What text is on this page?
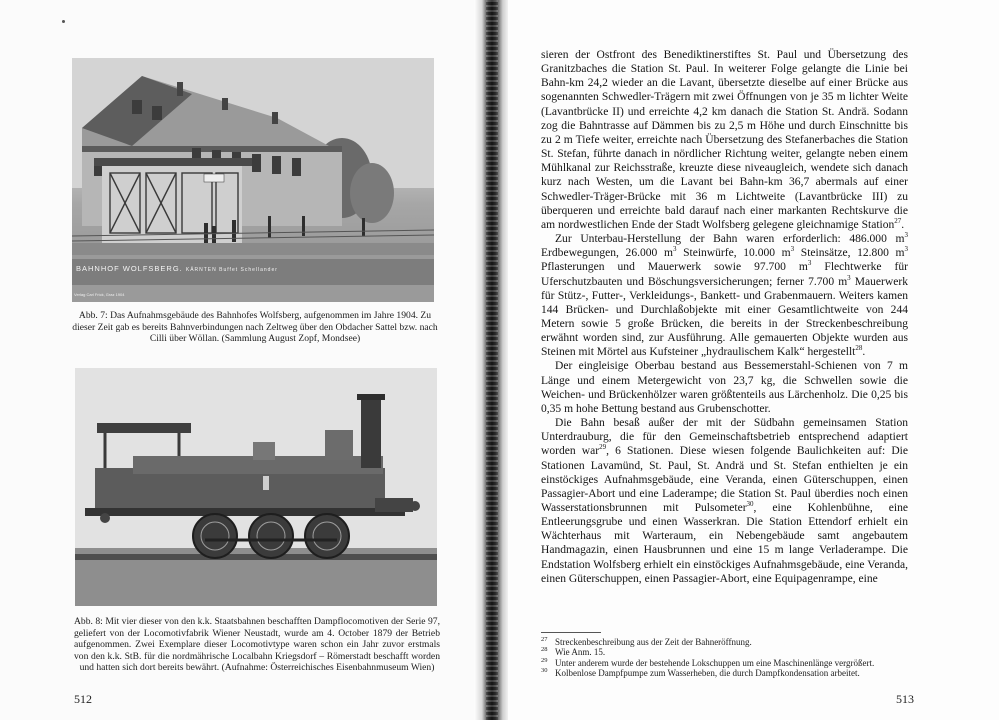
BAHNHOF WOLFSBERG. KÄRNTEN Buffet Schellander
Verlag Carl Frick, Graz 1904
Abb. 7: Das Aufnahmsgebäude des Bahnhofes Wolfsberg, aufgenommen im Jahre 1904. Zu dieser Zeit gab es bereits Bahnverbindungen nach Zeltweg über den Obdacher Sattel bzw. nach Cilli über Wöllan. (Sammlung August Zopf, Mondsee)
Abb. 8: Mit vier dieser von den k.k. Staatsbahnen beschafften Dampflocomotiven der Serie 97, geliefert von der Locomotivfabrik Wiener Neustadt, wurde am 4. October 1879 der Betrieb aufgenommen. Zwei Exemplare dieser Locomotivtype waren schon ein Jahr zuvor erstmals von den k.k. StB. für die nordmährische Localbahn Kriegsdorf – Römerstadt beschafft worden und hatten sich dort bereits bewährt. (Aufnahme: Österreichisches Eisenbahnmuseum Wien)
512

sieren der Ostfront des Benediktinerstiftes St. Paul und Übersetzung des Granitzbaches die Station St. Paul. In weiterer Folge gelangte die Linie bei Bahn-km 24,2 wieder an die Lavant, übersetzte dieselbe auf einer Brücke aus sogenannten Schwedler-Trägern mit zwei Öffnungen von je 35 m lichter Weite (Lavantbrücke II) und erreichte 4,2 km danach die Station St. Andrä. Sodann zog die Bahntrasse auf Dämmen bis zu 2,5 m Höhe und durch Einschnitte bis zu 2 m Tiefe weiter, erreichte nach Übersetzung des Stefanerbaches die Station St. Stefan, führte danach in nördlicher Richtung weiter, gelangte neben einem Mühlkanal zur Reichsstraße, kreuzte diese niveaugleich, wendete sich danach kurz nach Westen, um die Lavant bei Bahn-km 36,7 abermals auf einer Schwedler-Träger-Brücke mit 36 m Lichtweite (Lavantbrücke III) zu überqueren und erreichte bald darauf nach einer markanten Rechtskurve die am nordwestlichen Ende der Stadt Wolfsberg gelegene gleichnamige Station$^{27}$.

Zur Unterbau-Herstellung der Bahn waren erforderlich: 486.000 $m^3$ Erdbewegungen, 26.000 $m^3$ Steinwürfe, 10.000 $m^3$ Steinsätze, 12.800 $m^3$ Pflasterungen und Mauerwerk sowie 97.700 $m^3$ Flechtwerke für Uferschutzbauten und Böschungsversicherungen; ferner 7.700 $m^3$ Mauerwerk für Stütz-, Futter-, Verkleidungs-, Bankett- und Grabenmauern. Weiters kamen 144 Brücken- und Durchlaßobjekte mit einer Gesamtlichtweite von 244 Metern sowie 5 große Brücken, die bereits in der Streckenbeschreibung erwähnt worden sind, zur Ausführung. Alle gemauerten Objekte wurden aus Steinen mit Mörtel aus Kufsteiner „hydraulischem Kalk“ hergestellt$^{28}$.

Der eingleisige Oberbau bestand aus Bessemerstahl-Schienen von 7 m Länge und einem Metergewicht von 23,7 kg, die Schwellen sowie die Weichen- und Brückenhölzer waren größtenteils aus Lärchenholz. Die 0,25 bis 0,35 m hohe Bettung bestand aus Grubenschotter.

Die Bahn besaß außer der mit der Südbahn gemeinsamen Station Unterdrauburg, die für den Gemeinschaftsbetrieb entsprechend adaptiert worden war$^{29}$, 6 Stationen. Diese wiesen folgende Baulichkeiten auf: Die Stationen Lavamünd, St. Paul, St. Andrä und St. Stefan enthielten je ein einstöckiges Aufnahmsgebäude, eine Veranda, einen Güterschuppen, einen Passagier-Abort und eine Laderampe; die Station St. Paul überdies noch einen Wasserstationsbrunnen mit Pulsometer$^{30}$, eine Kohlenbühne, eine Entleerungsgrube und einen Wasserkran. Die Station Ettendorf erhielt ein Wächterhaus mit Warteraum, ein Nebengebäude samt angebautem Handmagazin, einen Hausbrunnen und eine 15 m lange Verladerampe. Die Endstation Wolfsberg erhielt ein einstöckiges Aufnahmsgebäude, eine Veranda, einen Güterschuppen, einen Passagier-Abort, eine Equipagenrampe, eine

27 Streckenbeschreibung aus der Zeit der Bahneröffnung.
28 Wie Anm. 15.
29 Unter anderem wurde der bestehende Lokschuppen um eine Maschinenlänge vergrößert.
30 Kolbenlose Dampfpumpe zum Wasserheben, die durch Dampfkondensation arbeitet.
513
